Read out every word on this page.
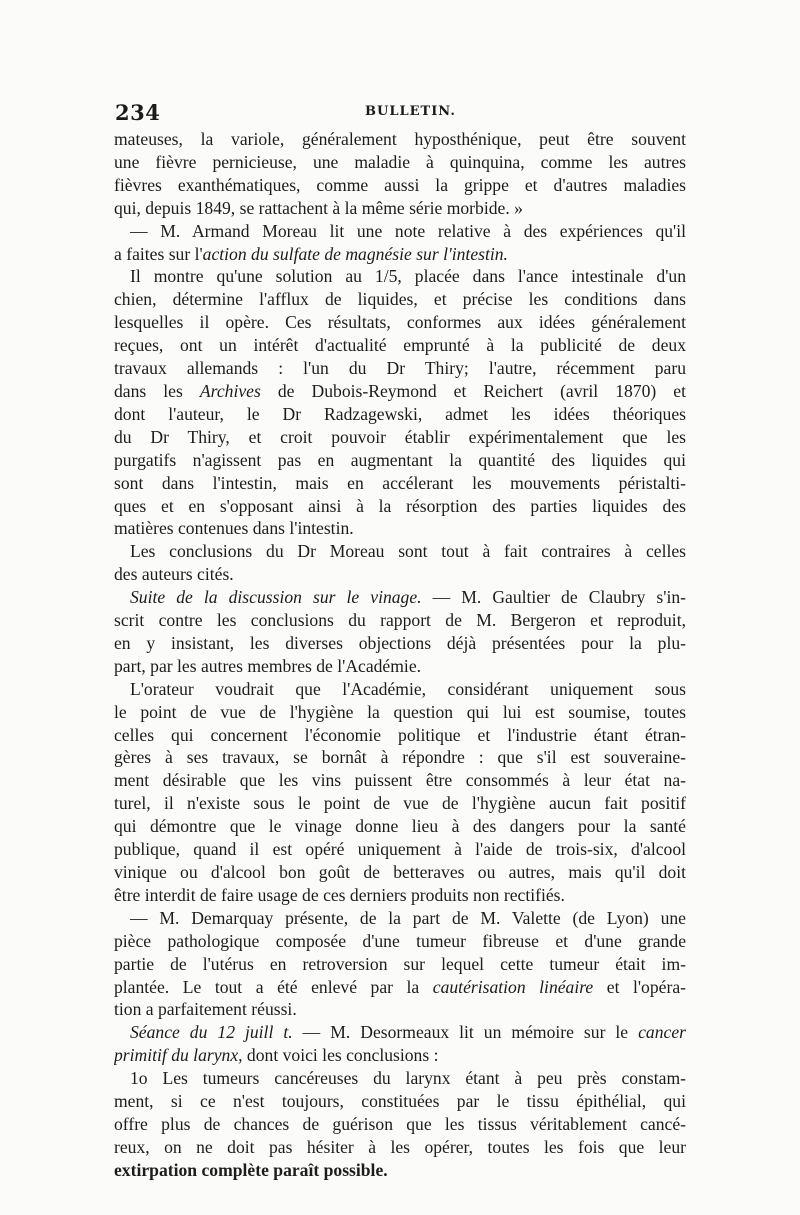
234	BULLETIN.

mateuses, la variole, généralement hyposthénique, peut être souvent

une fièvre pernicieuse, une maladie à quinquina, comme les autres

fièvres exanthématiques, comme aussi la grippe et d'autres maladies

qui, depuis 1849, se rattachent à la même série morbide. »

— M. Armand Moreau lit une note relative à des expériences qu'il

a faites sur l'action du sulfate de magnésie sur l'intestin.

Il montre qu'une solution au 1/5, placée dans l'ance intestinale d'un

chien, détermine l'afflux de liquides, et précise les conditions dans

lesquelles il opère. Ces résultats, conformes aux idées généralement

reçues, ont un intérêt d'actualité emprunté à la publicité de deux

travaux allemands : l'un du Dr Thiry; l'autre, récemment paru

dans les Archives de Dubois-Reymond et Reichert (avril 1870) et

dont l'auteur, le Dr Radzagewski, admet les idées théoriques

du Dr Thiry, et croit pouvoir établir expérimentalement que les

purgatifs n'agissent pas en augmentant la quantité des liquides qui

sont dans l'intestin, mais en accélerant les mouvements péristalti-

ques et en s'opposant ainsi à la résorption des parties liquides des

matières contenues dans l'intestin.

Les conclusions du Dr Moreau sont tout à fait contraires à celles

des auteurs cités.

Suite de la discussion sur le vinage. — M. Gaultier de Claubry s'in-

scrit contre les conclusions du rapport de M. Bergeron et reproduit,

en y insistant, les diverses objections déjà présentées pour la plu-

part, par les autres membres de l'Académie.

L'orateur voudrait que l'Académie, considérant uniquement sous

le point de vue de l'hygiène la question qui lui est soumise, toutes

celles qui concernent l'économie politique et l'industrie étant étran-

gères à ses travaux, se bornât à répondre : que s'il est souveraine-

ment désirable que les vins puissent être consommés à leur état na-

turel, il n'existe sous le point de vue de l'hygiène aucun fait positif

qui démontre que le vinage donne lieu à des dangers pour la santé

publique, quand il est opéré uniquement à l'aide de trois-six, d'alcool

vinique ou d'alcool bon goût de betteraves ou autres, mais qu'il doit

être interdit de faire usage de ces derniers produits non rectifiés.

— M. Demarquay présente, de la part de M. Valette (de Lyon) une

pièce pathologique composée d'une tumeur fibreuse et d'une grande

partie de l'utérus en retroversion sur lequel cette tumeur était im-

plantée. Le tout a été enlevé par la cautérisation linéaire et l'opéra-

tion a parfaitement réussi.

Séance du 12 juill t. — M. Desormeaux lit un mémoire sur le cancer

primitif du larynx, dont voici les conclusions :

1o Les tumeurs cancéreuses du larynx étant à peu près constam-

ment, si ce n'est toujours, constituées par le tissu épithélial, qui

offre plus de chances de guérison que les tissus véritablement cancé-

reux, on ne doit pas hésiter à les opérer, toutes les fois que leur

extirpation complète paraît possible.
